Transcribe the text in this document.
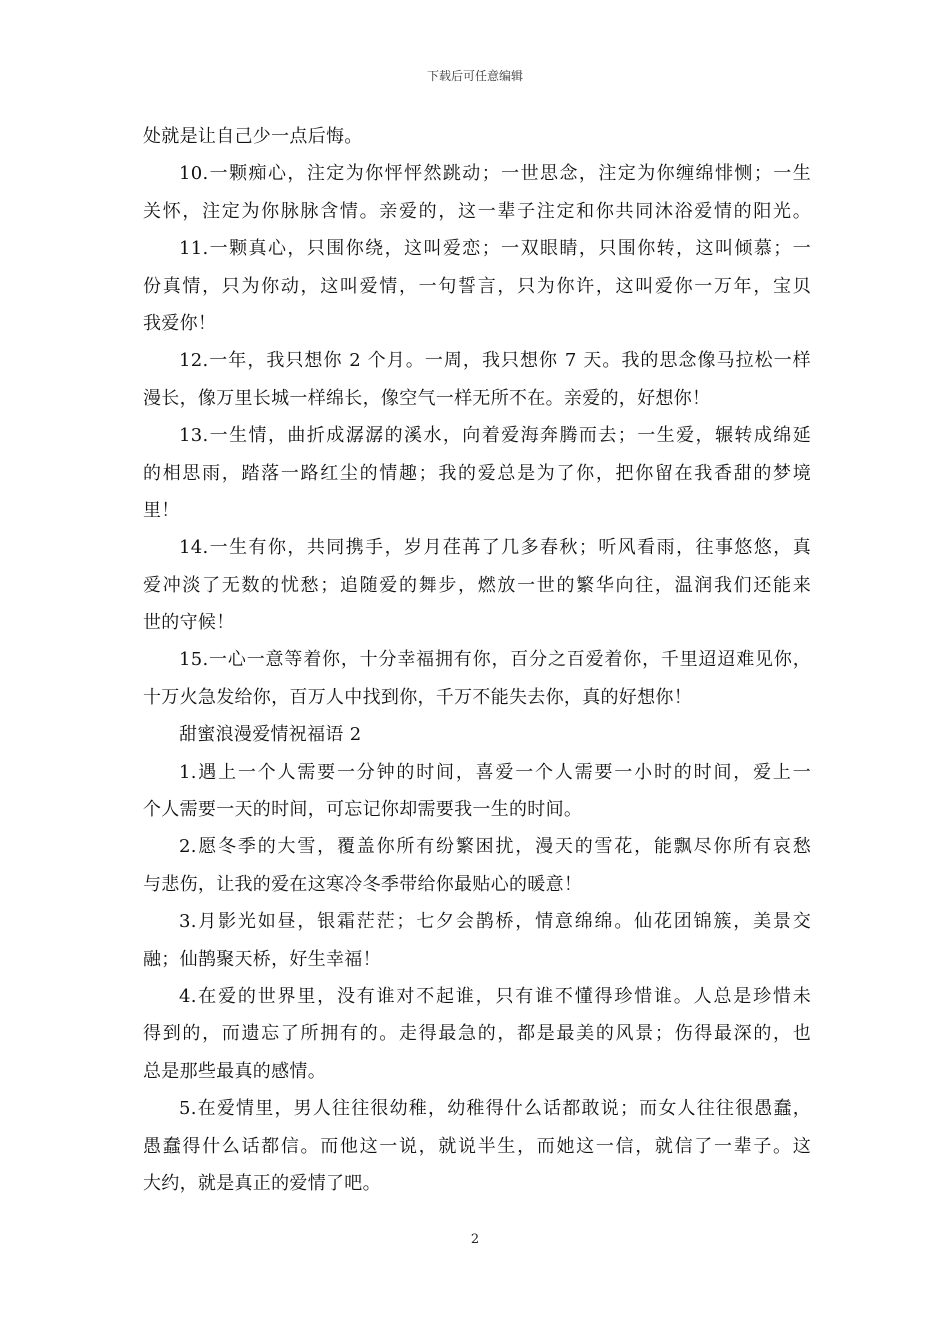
下载后可任意编辑
处就是让自己少一点后悔。
10.一颗痴心，注定为你怦怦然跳动；一世思念，注定为你缠绵悱恻；一生
关怀，注定为你脉脉含情。亲爱的，这一辈子注定和你共同沐浴爱情的阳光。
11.一颗真心，只围你绕，这叫爱恋；一双眼睛，只围你转，这叫倾慕；一
份真情，只为你动，这叫爱情，一句誓言，只为你许，这叫爱你一万年，宝贝
我爱你！
12.一年，我只想你 2 个月。一周，我只想你 7 天。我的思念像马拉松一样
漫长，像万里长城一样绵长，像空气一样无所不在。亲爱的，好想你！
13.一生情，曲折成潺潺的溪水，向着爱海奔腾而去；一生爱，辗转成绵延
的相思雨，踏落一路红尘的情趣；我的爱总是为了你，把你留在我香甜的梦境
里！
14.一生有你，共同携手，岁月荏苒了几多春秋；听风看雨，往事悠悠，真
爱冲淡了无数的忧愁；追随爱的舞步，燃放一世的繁华向往，温润我们还能来
世的守候！
15.一心一意等着你，十分幸福拥有你，百分之百爱着你，千里迢迢难见你，
十万火急发给你，百万人中找到你，千万不能失去你，真的好想你！
甜蜜浪漫爱情祝福语 2
1.遇上一个人需要一分钟的时间，喜爱一个人需要一小时的时间，爱上一
个人需要一天的时间，可忘记你却需要我一生的时间。
2.愿冬季的大雪，覆盖你所有纷繁困扰，漫天的雪花，能飘尽你所有哀愁
与悲伤，让我的爱在这寒冷冬季带给你最贴心的暖意！
3.月影光如昼，银霜茫茫；七夕会鹊桥，情意绵绵。仙花团锦簇，美景交
融；仙鹊聚天桥，好生幸福！
4.在爱的世界里，没有谁对不起谁，只有谁不懂得珍惜谁。人总是珍惜未
得到的，而遗忘了所拥有的。走得最急的，都是最美的风景；伤得最深的，也
总是那些最真的感情。
5.在爱情里，男人往往很幼稚，幼稚得什么话都敢说；而女人往往很愚蠢，
愚蠢得什么话都信。而他这一说，就说半生，而她这一信，就信了一辈子。这
大约，就是真正的爱情了吧。
2
